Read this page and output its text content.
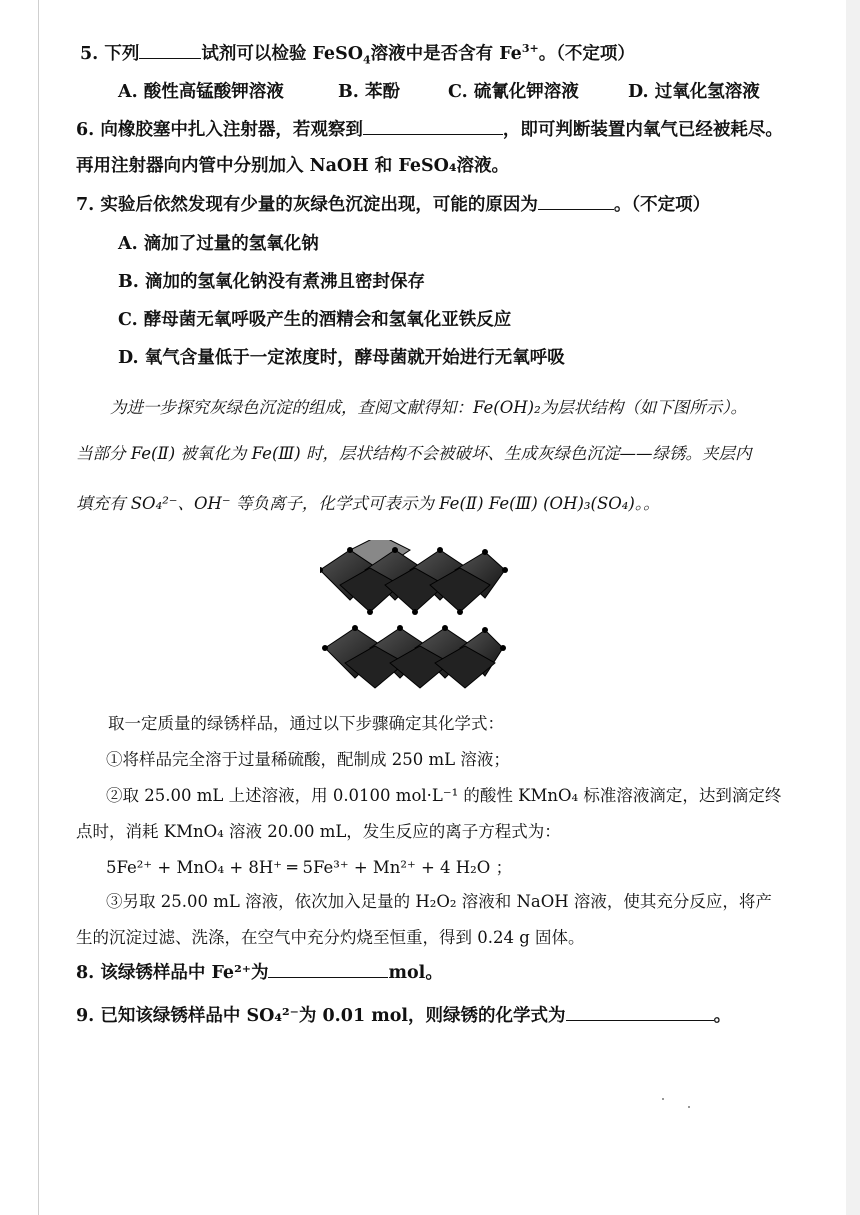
5. 下列	试剂可以检验 FeSO$_4$溶液中是否含有 $Fe^{3+}$。（不定项）
A. 酸性高锰酸钾溶液	B. 苯酚	C. 硫氰化钾溶液	D. 过氧化氢溶液
6. 向橡胶塞中扎入注射器，若观察到	，即可判断装置内氧气已经被耗尽。
再用注射器向内管中分别加入 NaOH 和 FeSO₄溶液。
7. 实验后依然发现有少量的灰绿色沉淀出现，可能的原因为	。（不定项）
A. 滴加了过量的氢氧化钠
B. 滴加的氢氧化钠没有煮沸且密封保存
C. 酵母菌无氧呼吸产生的酒精会和氢氧化亚铁反应
D. 氧气含量低于一定浓度时，酵母菌就开始进行无氧呼吸
为进一步探究灰绿色沉淀的组成，查阅文献得知：Fe(OH)₂为层状结构（如下图所示）。
当部分 Fe(Ⅱ) 被氧化为 Fe(Ⅲ) 时，层状结构不会被破坏、生成灰绿色沉淀——绿锈。夹层内
填充有 SO₄²⁻、OH⁻ 等负离子，化学式可表示为 Fe(Ⅱ) Fe(Ⅲ) (OH)₃(SO₄)。。
取一定质量的绿锈样品，通过以下步骤确定其化学式：
①将样品完全溶于过量稀硫酸，配制成 250 mL 溶液；
②取 25.00 mL 上述溶液，用 0.0100 mol·L⁻¹ 的酸性 KMnO₄ 标准溶液滴定，达到滴定终
点时，消耗 KMnO₄ 溶液 20.00 mL，发生反应的离子方程式为：
5Fe²⁺ + MnO₄ + 8H⁺ ═ 5Fe³⁺ + Mn²⁺ + 4 H₂O ；
③另取 25.00 mL 溶液，依次加入足量的 H₂O₂ 溶液和 NaOH 溶液，使其充分反应，将产
生的沉淀过滤、洗涤，在空气中充分灼烧至恒重，得到 0.24 g 固体。
8. 该绿锈样品中 Fe²⁺为	mol。
9. 已知该绿锈样品中 SO₄²⁻为 0.01 mol，则绿锈的化学式为	。
